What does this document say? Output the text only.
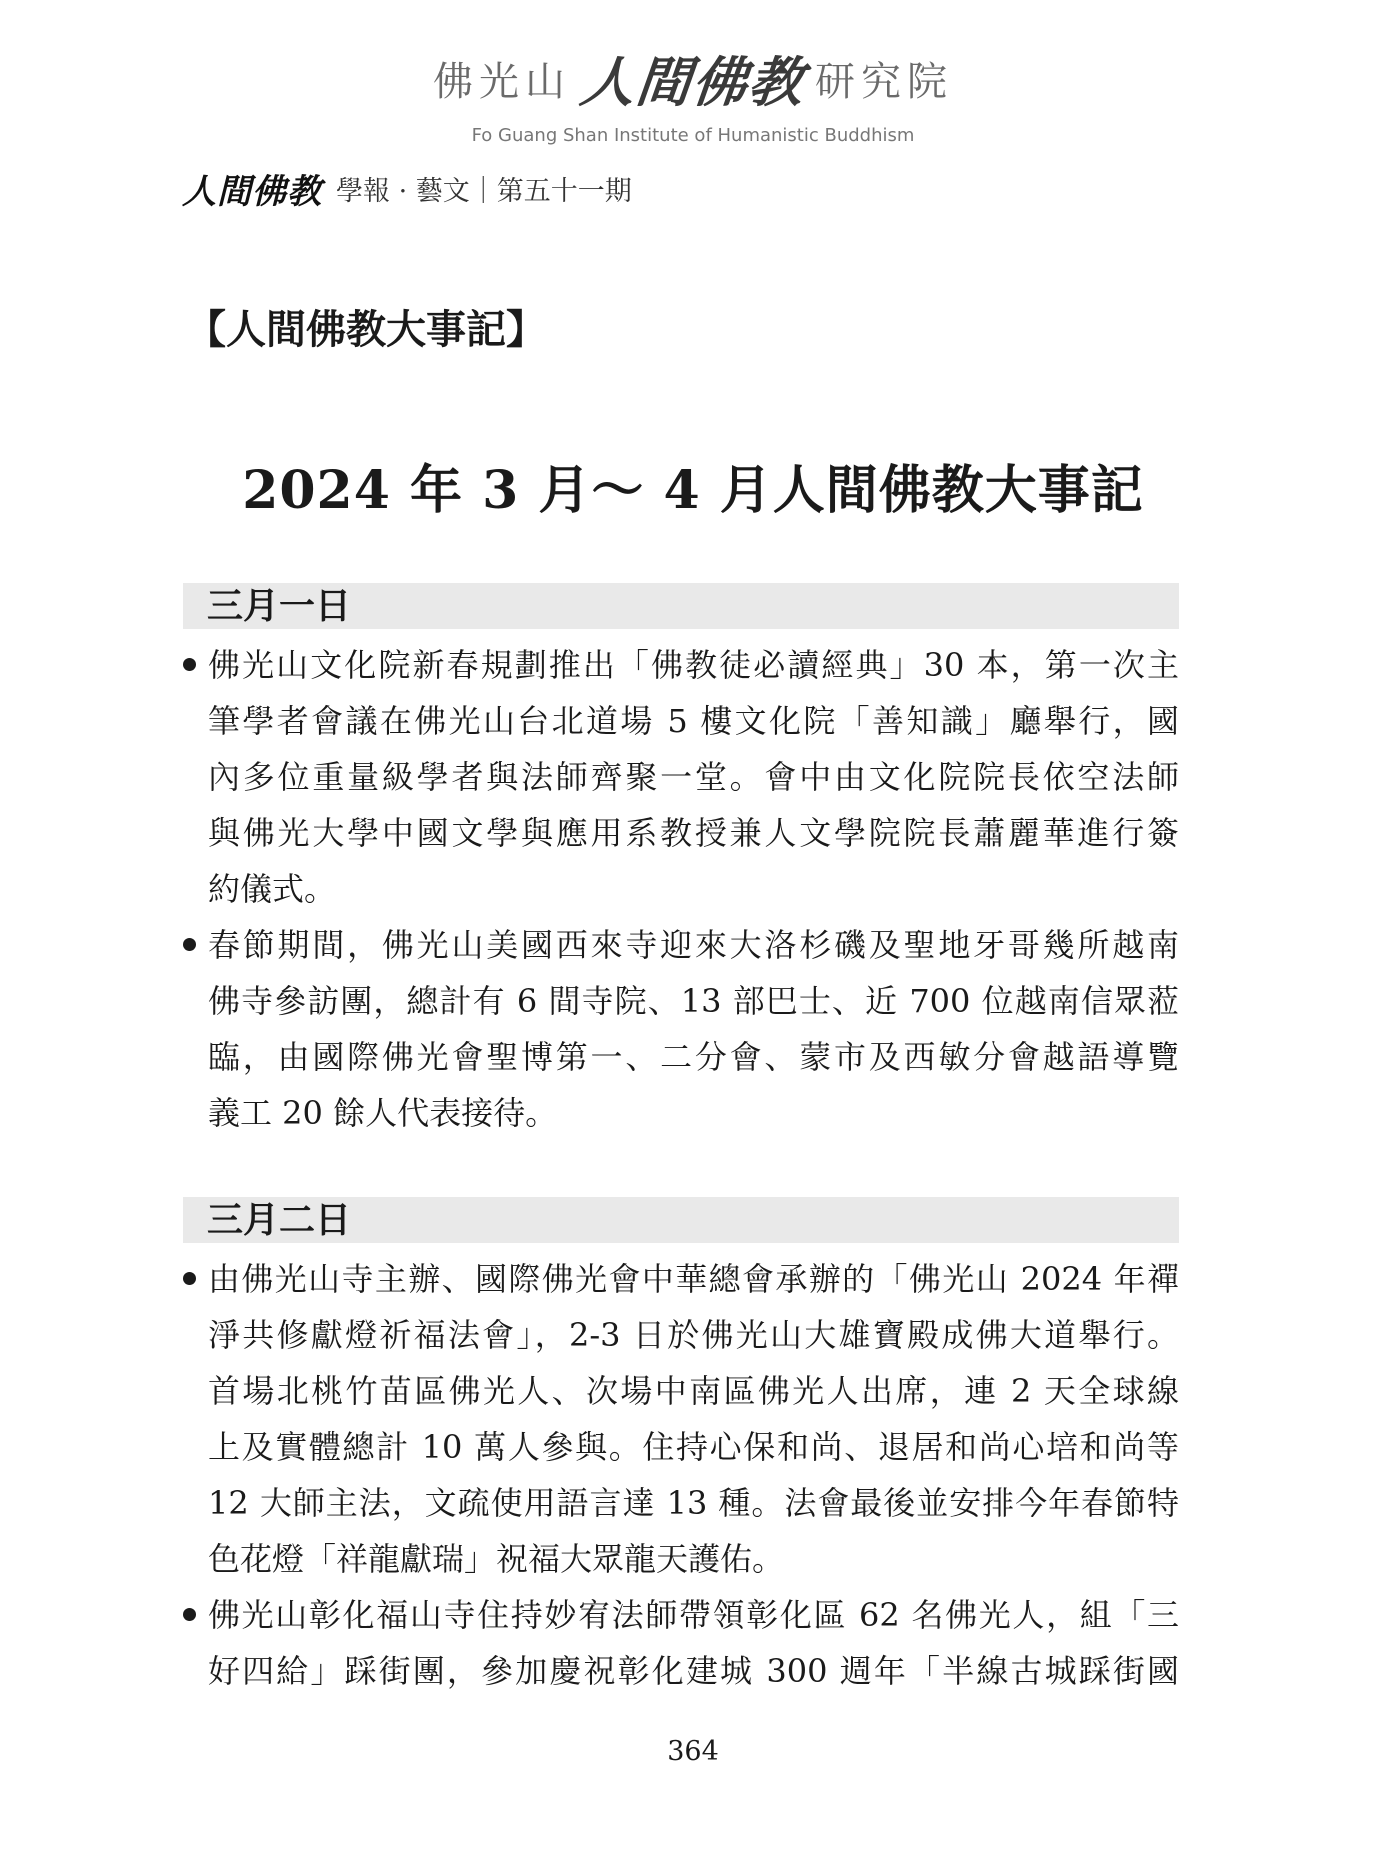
佛光山 人間佛教 研究院
Fo Guang Shan Institute of Humanistic Buddhism
人間佛教 學報 · 藝文｜第五十一期
【人間佛教大事記】
2024 年 3 月～ 4 月人間佛教大事記
三月一日
佛光山文化院新春規劃推出「佛教徒必讀經典」30 本，第一次主
筆學者會議在佛光山台北道場 5 樓文化院「善知識」廳舉行，國
內多位重量級學者與法師齊聚一堂。會中由文化院院長依空法師
與佛光大學中國文學與應用系教授兼人文學院院長蕭麗華進行簽
約儀式。
春節期間，佛光山美國西來寺迎來大洛杉磯及聖地牙哥幾所越南
佛寺參訪團，總計有 6 間寺院、13 部巴士、近 700 位越南信眾蒞
臨，由國際佛光會聖博第一、二分會、蒙市及西敏分會越語導覽
義工 20 餘人代表接待。
三月二日
由佛光山寺主辦、國際佛光會中華總會承辦的「佛光山 2024 年禪
淨共修獻燈祈福法會」，2-3 日於佛光山大雄寶殿成佛大道舉行。
首場北桃竹苗區佛光人、次場中南區佛光人出席，連 2 天全球線
上及實體總計 10 萬人參與。住持心保和尚、退居和尚心培和尚等
12 大師主法，文疏使用語言達 13 種。法會最後並安排今年春節特
色花燈「祥龍獻瑞」祝福大眾龍天護佑。
佛光山彰化福山寺住持妙宥法師帶領彰化區 62 名佛光人，組「三
好四給」踩街團，參加慶祝彰化建城 300 週年「半線古城踩街國
364
